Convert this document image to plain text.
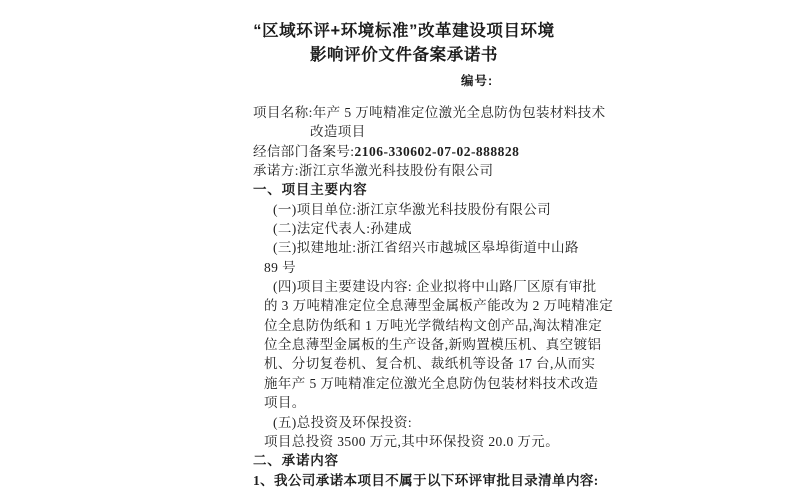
“区域环评+环境标准”改革建设项目环境
影响评价文件备案承诺书
编号:
项目名称:年产 5 万吨精准定位激光全息防伪包装材料技术
改造项目
经信部门备案号:2106-330602-07-02-888828
承诺方:浙江京华激光科技股份有限公司
一、项目主要内容
(一)项目单位:浙江京华激光科技股份有限公司
(二)法定代表人:孙建成
(三)拟建地址:浙江省绍兴市越城区皋埠街道中山路
89 号
(四)项目主要建设内容: 企业拟将中山路厂区原有审批
的 3 万吨精准定位全息薄型金属板产能改为 2 万吨精准定
位全息防伪纸和 1 万吨光学微结构文创产品,淘汰精准定
位全息薄型金属板的生产设备,新购置模压机、真空镀铝
机、分切复卷机、复合机、裁纸机等设备 17 台,从而实
施年产 5 万吨精准定位激光全息防伪包装材料技术改造
项目。
(五)总投资及环保投资:
项目总投资 3500 万元,其中环保投资 20.0 万元。
二、承诺内容
1、我公司承诺本项目不属于以下环评审批目录清单内容:
